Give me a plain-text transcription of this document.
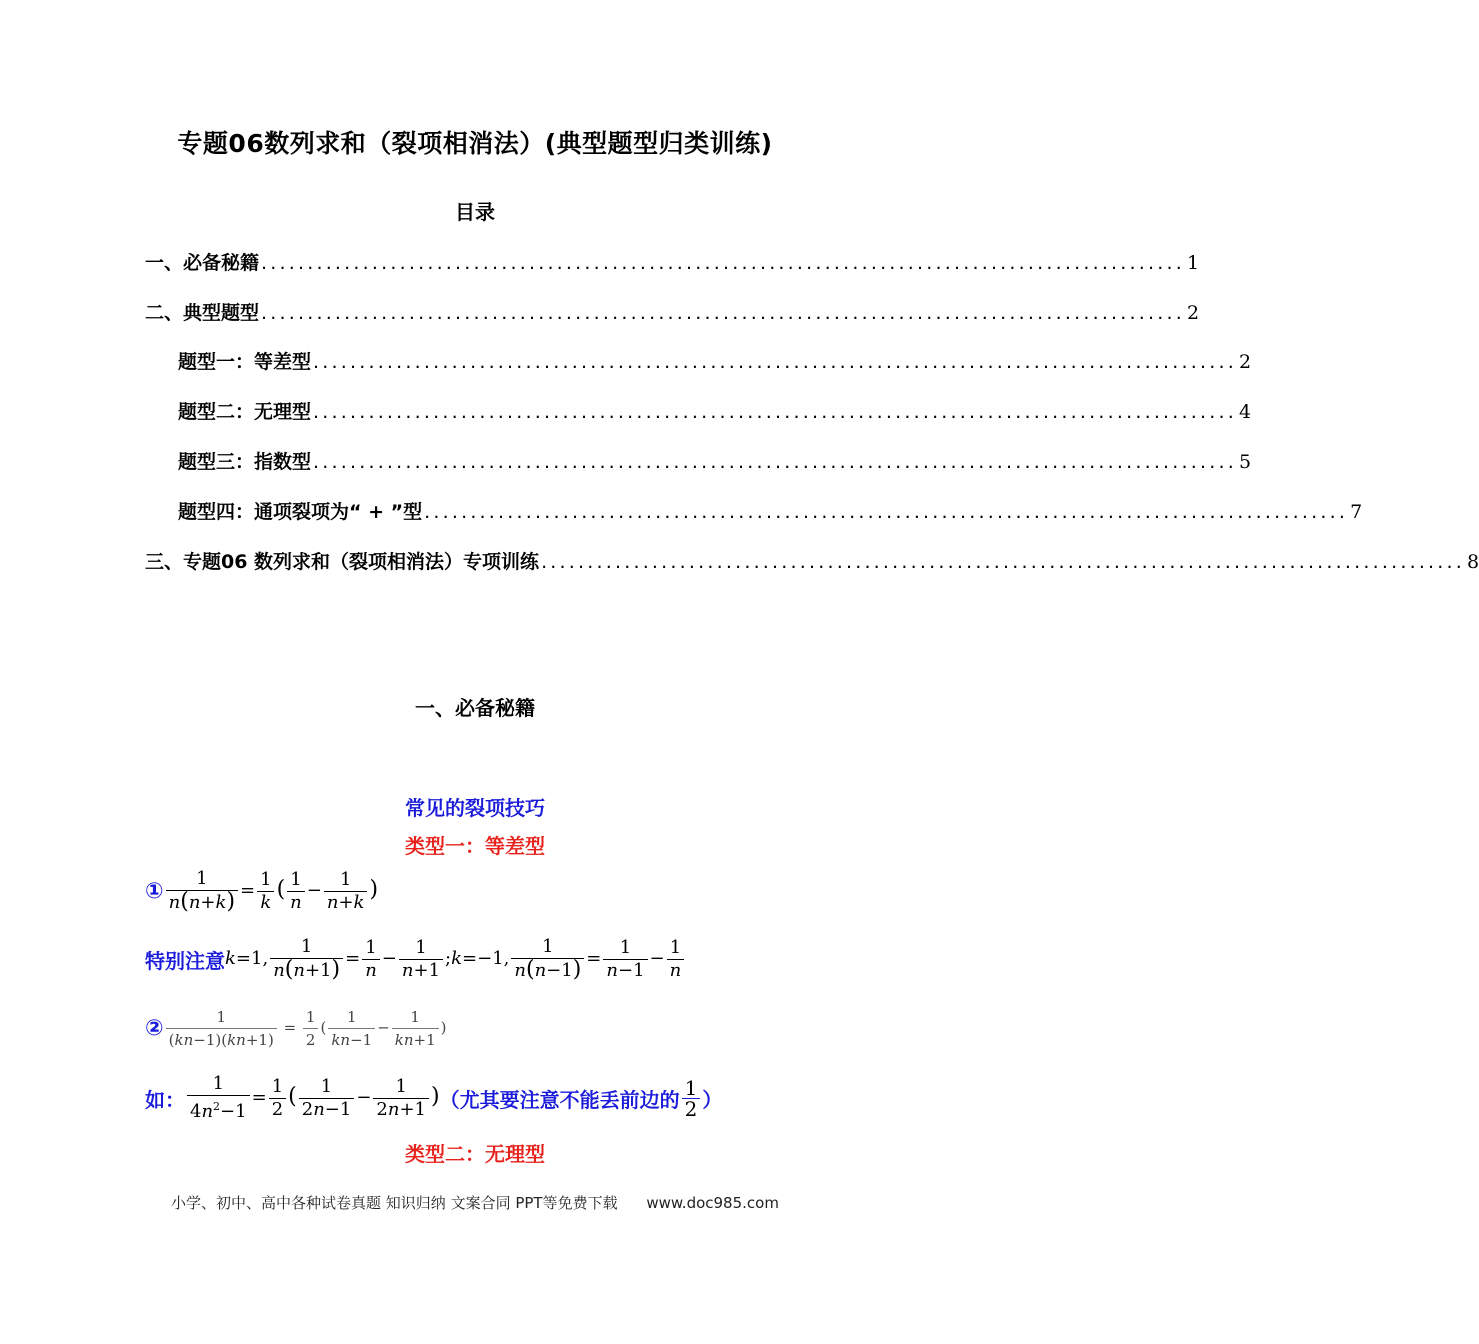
专题06数列求和（裂项相消法）(典型题型归类训练)
目录
一、必备秘籍 .................................................................................................... 1
二、典型题型 .................................................................................................... 2
题型一：等差型 .................................................................................................... 2
题型二：无理型 .................................................................................................... 4
题型三：指数型 .................................................................................................... 5
题型四：通项裂项为“ + ”型 .................................................................................................... 7
三、专题06 数列求和（裂项相消法）专项训练 .................................................................................................... 8
一、必备秘籍
常见的裂项技巧
类型一：等差型
① $\frac{1}{n(n+k)} = \frac{1}{k}$ ( $\frac{1}{n} - \frac{1}{n+k}$ )
特别注意 k=1, $\frac{1}{n(n+1)} = \frac{1}{n} - \frac{1}{n+1}$ ;k=−1, $\frac{1}{n(n-1)} = \frac{1}{n-1} - \frac{1}{n}$
② $\frac{1}{(kn-1)(kn+1)} = \frac{1}{2}$ ( $\frac{1}{kn-1} - \frac{1}{kn+1}$ )
如： $\frac{1}{4n^2-1} = \frac{1}{2}$ ( $\frac{1}{2n-1} - \frac{1}{2n+1}$ ) （尤其要注意不能丢前边的 $\frac{1}{2}$ ）
类型二：无理型
小学、初中、高中各种试卷真题 知识归纳 文案合同 PPT等免费下载 www.doc985.com
